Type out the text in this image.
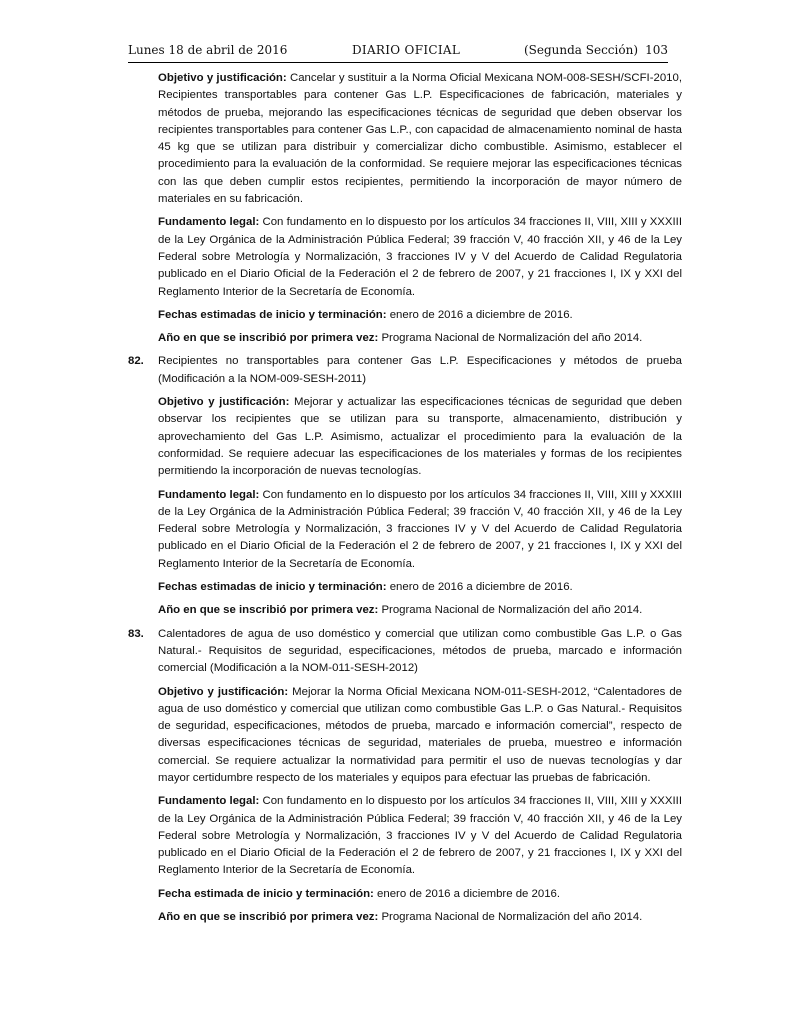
Lunes 18 de abril de 2016	DIARIO OFICIAL	(Segunda Sección) 103

Objetivo y justificación: Cancelar y sustituir a la Norma Oficial Mexicana NOM-008-SESH/SCFI-2010, Recipientes transportables para contener Gas L.P. Especificaciones de fabricación, materiales y métodos de prueba, mejorando las especificaciones técnicas de seguridad que deben observar los recipientes transportables para contener Gas L.P., con capacidad de almacenamiento nominal de hasta 45 kg que se utilizan para distribuir y comercializar dicho combustible. Asimismo, establecer el procedimiento para la evaluación de la conformidad. Se requiere mejorar las especificaciones técnicas con las que deben cumplir estos recipientes, permitiendo la incorporación de mayor número de materiales en su fabricación.

Fundamento legal: Con fundamento en lo dispuesto por los artículos 34 fracciones II, VIII, XIII y XXXIII de la Ley Orgánica de la Administración Pública Federal; 39 fracción V, 40 fracción XII, y 46 de la Ley Federal sobre Metrología y Normalización, 3 fracciones IV y V del Acuerdo de Calidad Regulatoria publicado en el Diario Oficial de la Federación el 2 de febrero de 2007, y 21 fracciones I, IX y XXI del Reglamento Interior de la Secretaría de Economía.

Fechas estimadas de inicio y terminación: enero de 2016 a diciembre de 2016.

Año en que se inscribió por primera vez: Programa Nacional de Normalización del año 2014.

82. Recipientes no transportables para contener Gas L.P. Especificaciones y métodos de prueba (Modificación a la NOM-009-SESH-2011)

Objetivo y justificación: Mejorar y actualizar las especificaciones técnicas de seguridad que deben observar los recipientes que se utilizan para su transporte, almacenamiento, distribución y aprovechamiento del Gas L.P. Asimismo, actualizar el procedimiento para la evaluación de la conformidad. Se requiere adecuar las especificaciones de los materiales y formas de los recipientes permitiendo la incorporación de nuevas tecnologías.

Fundamento legal: Con fundamento en lo dispuesto por los artículos 34 fracciones II, VIII, XIII y XXXIII de la Ley Orgánica de la Administración Pública Federal; 39 fracción V, 40 fracción XII, y 46 de la Ley Federal sobre Metrología y Normalización, 3 fracciones IV y V del Acuerdo de Calidad Regulatoria publicado en el Diario Oficial de la Federación el 2 de febrero de 2007, y 21 fracciones I, IX y XXI del Reglamento Interior de la Secretaría de Economía.

Fechas estimadas de inicio y terminación: enero de 2016 a diciembre de 2016.

Año en que se inscribió por primera vez: Programa Nacional de Normalización del año 2014.

83. Calentadores de agua de uso doméstico y comercial que utilizan como combustible Gas L.P. o Gas Natural.- Requisitos de seguridad, especificaciones, métodos de prueba, marcado e información comercial (Modificación a la NOM-011-SESH-2012)

Objetivo y justificación: Mejorar la Norma Oficial Mexicana NOM-011-SESH-2012, “Calentadores de agua de uso doméstico y comercial que utilizan como combustible Gas L.P. o Gas Natural.- Requisitos de seguridad, especificaciones, métodos de prueba, marcado e información comercial”, respecto de diversas especificaciones técnicas de seguridad, materiales de prueba, muestreo e información comercial. Se requiere actualizar la normatividad para permitir el uso de nuevas tecnologías y dar mayor certidumbre respecto de los materiales y equipos para efectuar las pruebas de fabricación.

Fundamento legal: Con fundamento en lo dispuesto por los artículos 34 fracciones II, VIII, XIII y XXXIII de la Ley Orgánica de la Administración Pública Federal; 39 fracción V, 40 fracción XII, y 46 de la Ley Federal sobre Metrología y Normalización, 3 fracciones IV y V del Acuerdo de Calidad Regulatoria publicado en el Diario Oficial de la Federación el 2 de febrero de 2007, y 21 fracciones I, IX y XXI del Reglamento Interior de la Secretaría de Economía.

Fecha estimada de inicio y terminación: enero de 2016 a diciembre de 2016.

Año en que se inscribió por primera vez: Programa Nacional de Normalización del año 2014.
